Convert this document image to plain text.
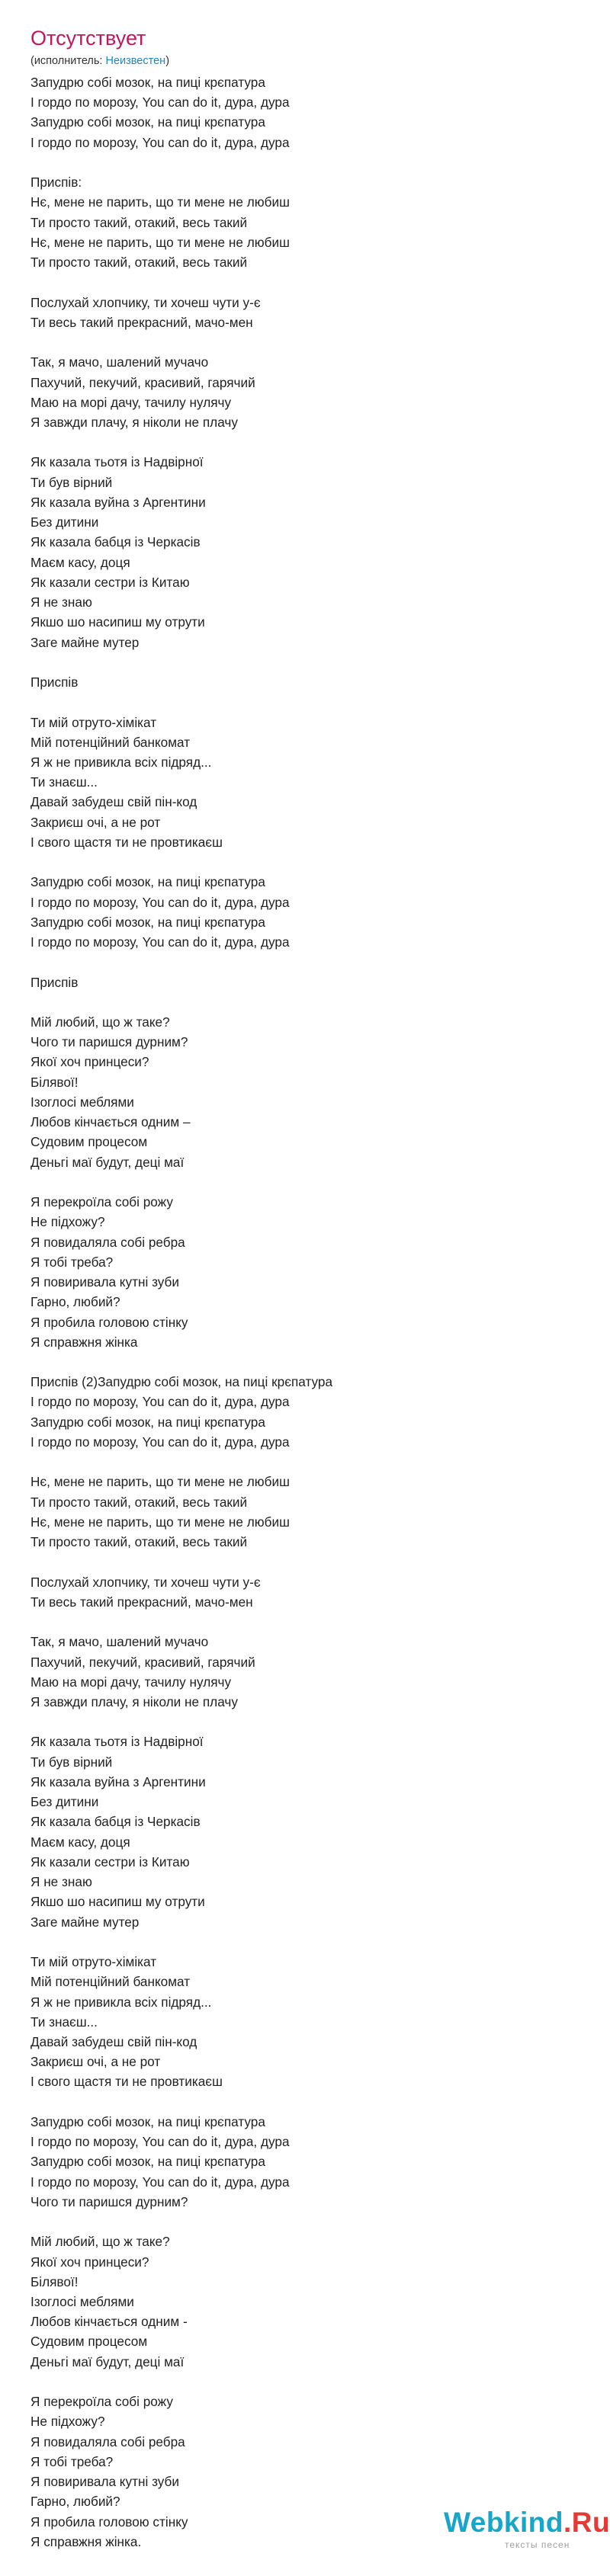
Отсутствует
(исполнитель: Неизвестен)
Запудрю собі мозок, на пиці крєпатура
І гордо по морозу, You can do it, дура, дура
Запудрю собі мозок, на пиці крєпатура
І гордо по морозу, You can do it, дура, дура
Приспів:
Нє, мене не парить, що ти мене не любиш
Ти просто такий, отакий, весь такий
Нє, мене не парить, що ти мене не любиш
Ти просто такий, отакий, весь такий
Послухай хлопчику, ти хочеш чути у-є
Ти весь такий прекрасний, мачо-мен
Так, я мачо, шалений мучачо
Пахучий, пекучий, красивий, гарячий
Маю на морі дачу, тачилу нулячу
Я завжди плачу, я ніколи не плачу
Як казала тьотя із Надвірної
Ти був вірний
Як казала вуйна з Аргентини
Без дитини
Як казала бабця із Черкасів
Маєм касу, доця
Як казали сестри із Китаю
Я не знаю
Якшо шо насипиш му отрути
Заге майне мутер
Приспів
Ти мій отруто-хімікат
Мій потенційний банкомат
Я ж не привикла всіх підряд...
Ти знаєш...
Давай забудеш свій пін-код
Закриєш очі, а не рот
І свого щастя ти не провтикаєш
Запудрю собі мозок, на пиці крєпатура
І гордо по морозу, You can do it, дура, дура
Запудрю собі мозок, на пиці крєпатура
І гордо по морозу, You can do it, дура, дура
Приспів
Мій любий, що ж таке?
Чого ти паришся дурним?
Якої хоч принцеси?
Білявої!
Ізоглосі меблями
Любов кінчається одним –
Судовим процесом
Деньгі маї будут, деці маї
Я перекроїла собі рожу
Не підхожу?
Я повидаляла собі ребра
Я тобі треба?
Я повиривала кутні зуби
Гарно, любий?
Я пробила головою стінку
Я справжня жінка
Приспів (2)Запудрю собі мозок, на пиці крєпатура
І гордо по морозу, You can do it, дура, дура
Запудрю собі мозок, на пиці крєпатура
І гордо по морозу, You can do it, дура, дура
Нє, мене не парить, що ти мене не любиш
Ти просто такий, отакий, весь такий
Нє, мене не парить, що ти мене не любиш
Ти просто такий, отакий, весь такий
Послухай хлопчику, ти хочеш чути у-є
Ти весь такий прекрасний, мачо-мен
Так, я мачо, шалений мучачо
Пахучий, пекучий, красивий, гарячий
Маю на морі дачу, тачилу нулячу
Я завжди плачу, я ніколи не плачу
Як казала тьотя із Надвірної
Ти був вірний
Як казала вуйна з Аргентини
Без дитини
Як казала бабця із Черкасів
Маєм касу, доця
Як казали сестри із Китаю
Я не знаю
Якшо шо насипиш му отрути
Заге майне мутер
Ти мій отруто-хімікат
Мій потенційний банкомат
Я ж не привикла всіх підряд...
Ти знаєш...
Давай забудеш свій пін-код
Закриєш очі, а не рот
І свого щастя ти не провтикаєш
Запудрю собі мозок, на пиці крєпатура
І гордо по морозу, You can do it, дура, дура
Запудрю собі мозок, на пиці крєпатура
І гордо по морозу, You can do it, дура, дура
Чого ти паришся дурним?
Мій любий, що ж таке?
Якої хоч принцеси?
Білявої!
Ізоглосі меблями
Любов кінчається одним -
Судовим процесом
Деньгі маї будут, деці маї
Я перекроїла собі рожу
Не підхожу?
Я повидаляла собі ребра
Я тобі треба?
Я повиривала кутні зуби
Гарно, любий?
Я пробила головою стінку
Я справжня жінка.
Webkind.Ru
тексты песен
